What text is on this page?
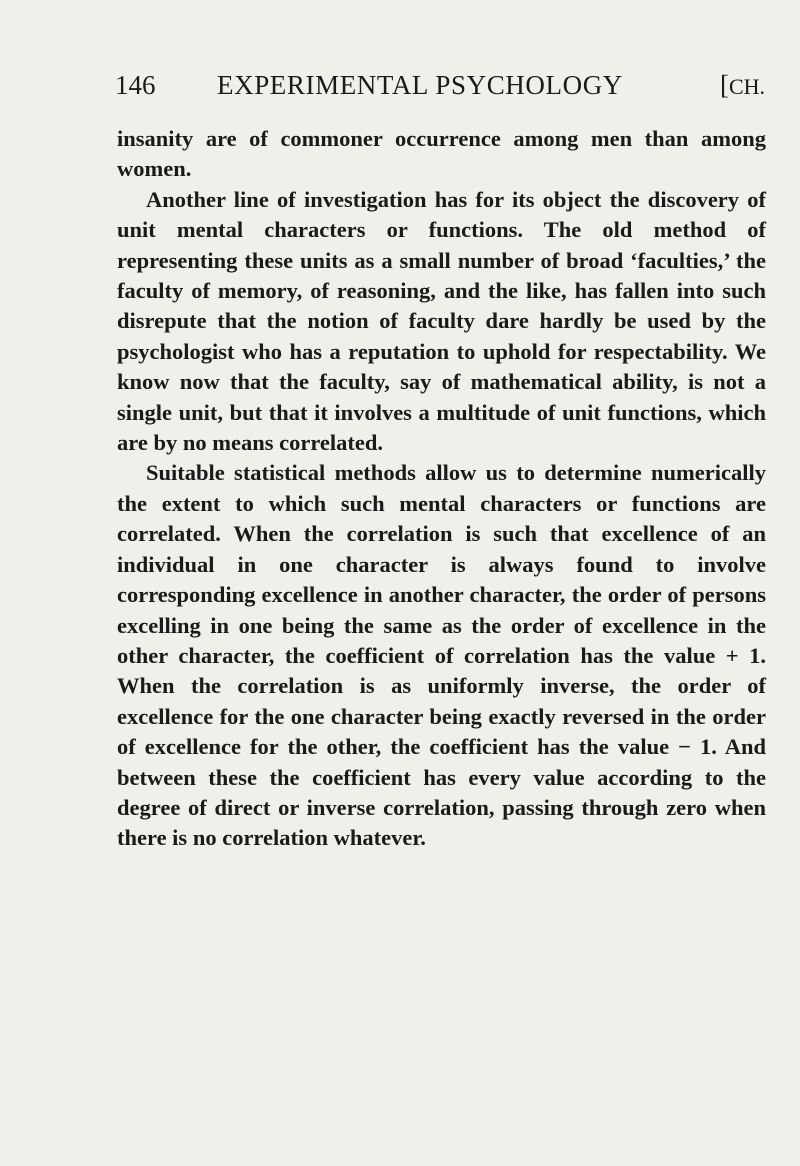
146 EXPERIMENTAL PSYCHOLOGY	[CH.

insanity are of commoner occurrence among men than among women.

Another line of investigation has for its object the discovery of unit mental characters or functions. The old method of representing these units as a small number of broad ‘faculties,’ the faculty of memory, of reasoning, and the like, has fallen into such disrepute that the notion of faculty dare hardly be used by the psychologist who has a reputation to uphold for respectability. We know now that the faculty, say of mathematical ability, is not a single unit, but that it involves a multitude of unit functions, which are by no means correlated.

Suitable statistical methods allow us to determine numerically the extent to which such mental characters or functions are correlated. When the correlation is such that excellence of an individual in one character is always found to involve corresponding excellence in another character, the order of persons excelling in one being the same as the order of excellence in the other character, the coefficient of correlation has the value + 1. When the correlation is as uniformly inverse, the order of excellence for the one character being exactly reversed in the order of excellence for the other, the coefficient has the value − 1. And between these the coefficient has every value according to the degree of direct or inverse correlation, passing through zero when there is no correlation whatever.
